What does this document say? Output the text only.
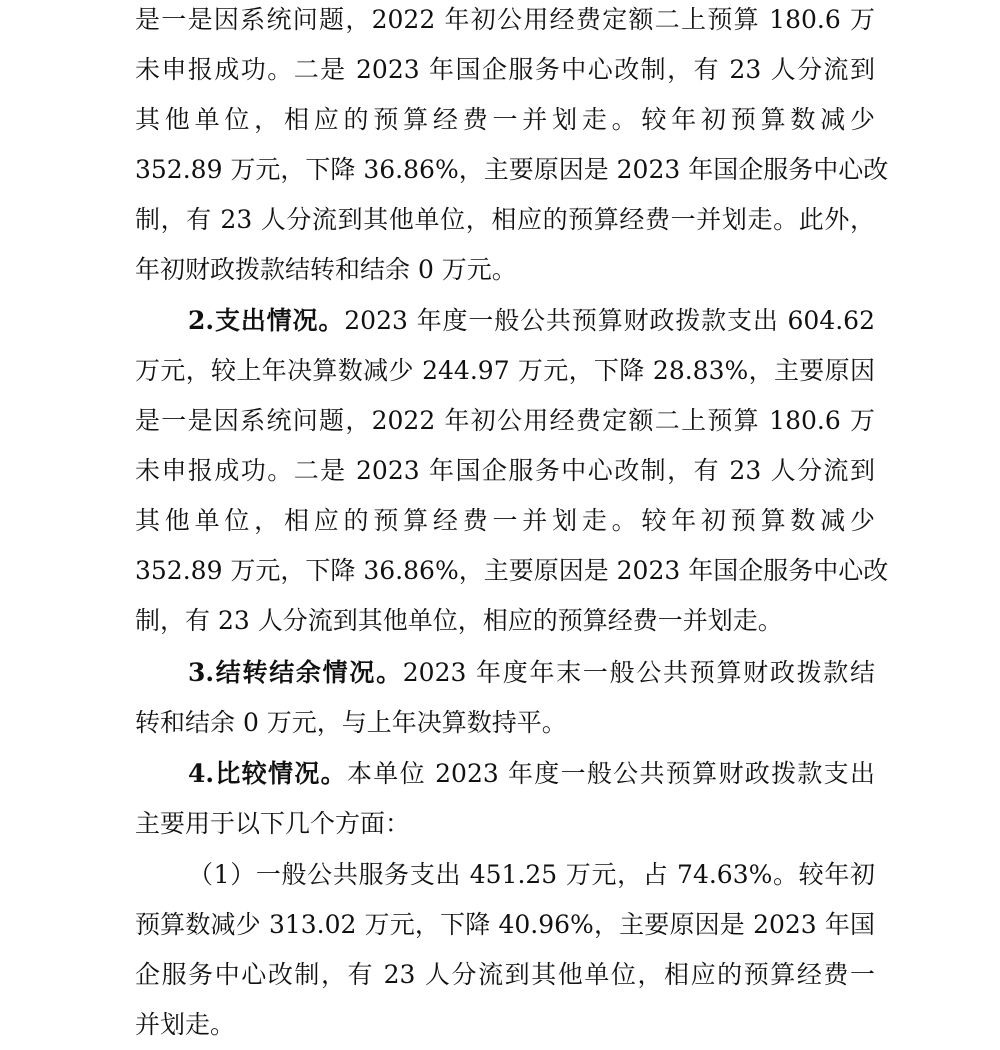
是一是因系统问题，2022 年初公用经费定额二上预算 180.6 万
未申报成功。二是 2023 年国企服务中心改制，有 23 人分流到
其他单位，相应的预算经费一并划走。较年初预算数减少
352.89 万元，下降 36.86%，主要原因是 2023 年国企服务中心改
制，有 23 人分流到其他单位，相应的预算经费一并划走。此外，
年初财政拨款结转和结余 0 万元。
2.支出情况。2023 年度一般公共预算财政拨款支出 604.62
万元，较上年决算数减少 244.97 万元，下降 28.83%，主要原因
是一是因系统问题，2022 年初公用经费定额二上预算 180.6 万
未申报成功。二是 2023 年国企服务中心改制，有 23 人分流到
其他单位，相应的预算经费一并划走。较年初预算数减少
352.89 万元，下降 36.86%，主要原因是 2023 年国企服务中心改
制，有 23 人分流到其他单位，相应的预算经费一并划走。
3.结转结余情况。2023 年度年末一般公共预算财政拨款结
转和结余 0 万元，与上年决算数持平。
4.比较情况。本单位 2023 年度一般公共预算财政拨款支出
主要用于以下几个方面：
（1）一般公共服务支出 451.25 万元，占 74.63%。较年初
预算数减少 313.02 万元，下降 40.96%，主要原因是 2023 年国
企服务中心改制，有 23 人分流到其他单位，相应的预算经费一
并划走。
